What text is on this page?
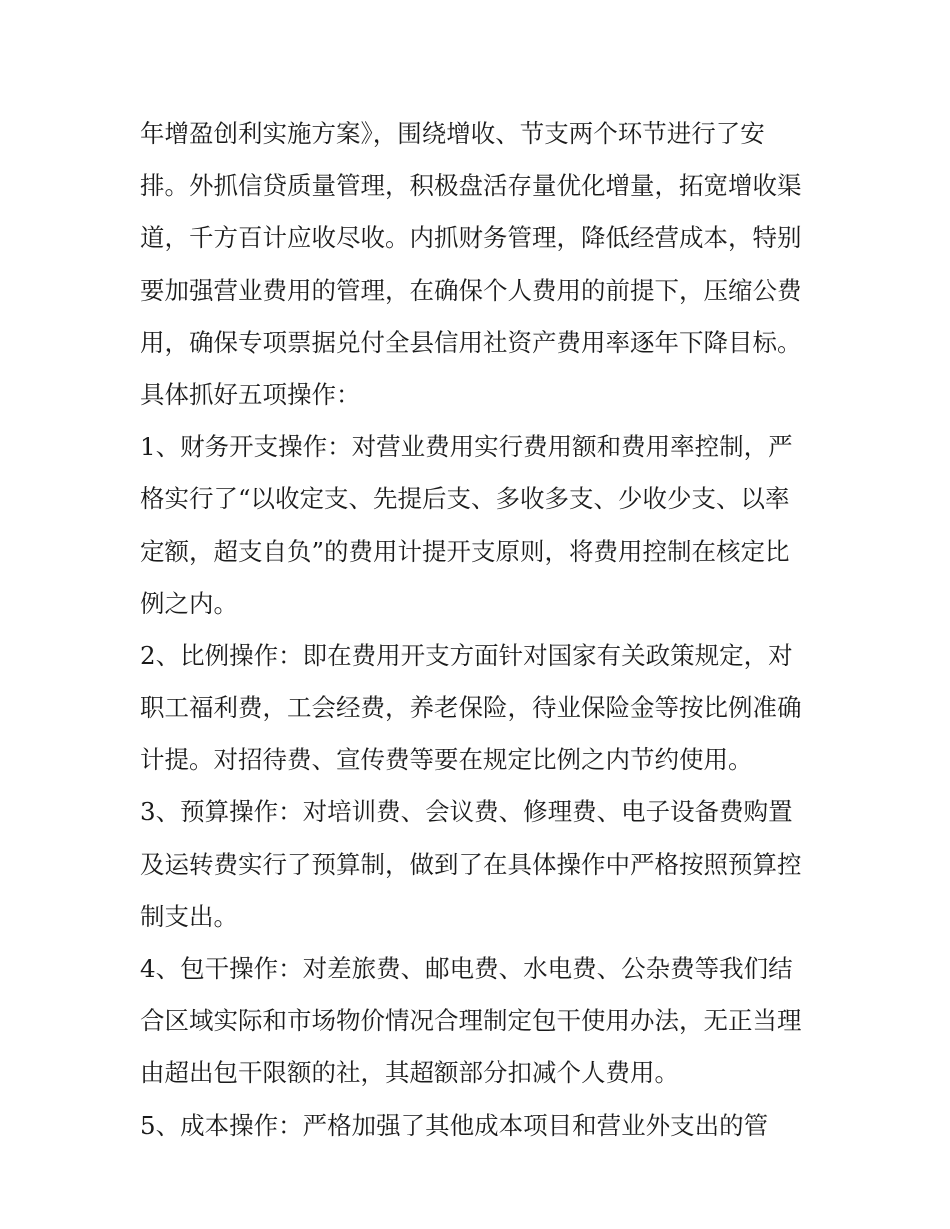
年增盈创利实施方案》，围绕增收、节支两个环节进行了安
排。外抓信贷质量管理，积极盘活存量优化增量，拓宽增收渠
道，千方百计应收尽收。内抓财务管理，降低经营成本，特别
要加强营业费用的管理，在确保个人费用的前提下，压缩公费
用，确保专项票据兑付全县信用社资产费用率逐年下降目标。
具体抓好五项操作：
1、财务开支操作：对营业费用实行费用额和费用率控制，严
格实行了“以收定支、先提后支、多收多支、少收少支、以率
定额，超支自负”的费用计提开支原则，将费用控制在核定比
例之内。
2、比例操作：即在费用开支方面针对国家有关政策规定，对
职工福利费，工会经费，养老保险，待业保险金等按比例准确
计提。对招待费、宣传费等要在规定比例之内节约使用。
3、预算操作：对培训费、会议费、修理费、电子设备费购置
及运转费实行了预算制，做到了在具体操作中严格按照预算控
制支出。
4、包干操作：对差旅费、邮电费、水电费、公杂费等我们结
合区域实际和市场物价情况合理制定包干使用办法，无正当理
由超出包干限额的社，其超额部分扣减个人费用。
5、成本操作：严格加强了其他成本项目和营业外支出的管
